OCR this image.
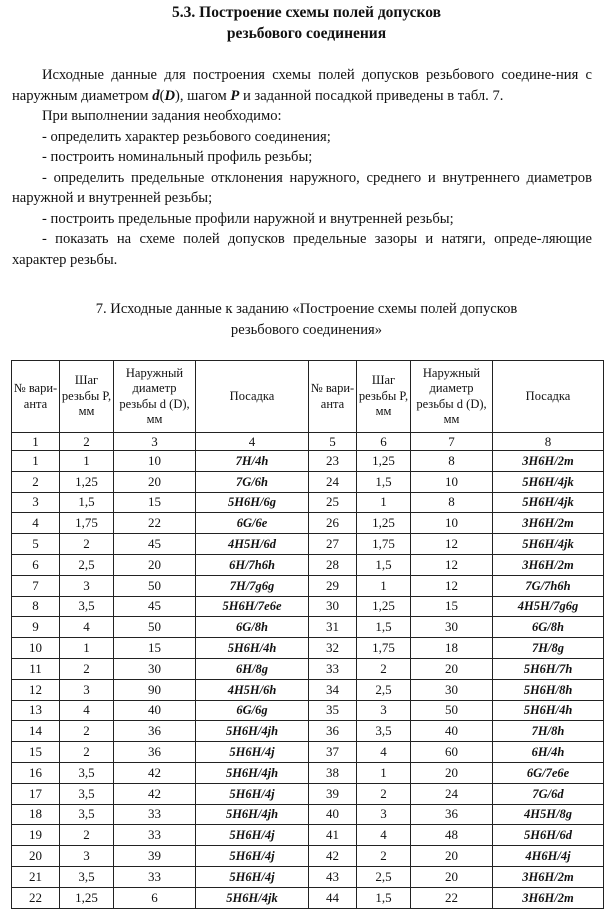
5.3. Построение схемы полей допусков
резьбового соединения

Исходные данные для построения схемы полей допусков резьбового соедине-ния с наружным диаметром d(D), шагом P и заданной посадкой приведены в табл. 7.

При выполнении задания необходимо:

- определить характер резьбового соединения;

- построить номинальный профиль резьбы;

- определить предельные отклонения наружного, среднего и внутреннего диаметров наружной и внутренней резьбы;

- построить предельные профили наружной и внутренней резьбы;

- показать на схеме полей допусков предельные зазоры и натяги, опреде-ляющие характер резьбы.

7. Исходные данные к заданию «Построение схемы полей допусков
резьбового соединения»
№ вари-анта	Шаг резьбы P, мм	Наружный диаметр резьбы d (D), мм	Посадка	№ вари-анта	Шаг резьбы P, мм	Наружный диаметр резьбы d (D), мм	Посадка
1	2	3	4	5	6	7	8
1	1	10	7H/4h	23	1,25	8	3H6H/2m
2	1,25	20	7G/6h	24	1,5	10	5H6H/4jk
3	1,5	15	5H6H/6g	25	1	8	5H6H/4jk
4	1,75	22	6G/6e	26	1,25	10	3H6H/2m
5	2	45	4H5H/6d	27	1,75	12	5H6H/4jk
6	2,5	20	6H/7h6h	28	1,5	12	3H6H/2m
7	3	50	7H/7g6g	29	1	12	7G/7h6h
8	3,5	45	5H6H/7e6e	30	1,25	15	4H5H/7g6g
9	4	50	6G/8h	31	1,5	30	6G/8h
10	1	15	5H6H/4h	32	1,75	18	7H/8g
11	2	30	6H/8g	33	2	20	5H6H/7h
12	3	90	4H5H/6h	34	2,5	30	5H6H/8h
13	4	40	6G/6g	35	3	50	5H6H/4h
14	2	36	5H6H/4jh	36	3,5	40	7H/8h
15	2	36	5H6H/4j	37	4	60	6H/4h
16	3,5	42	5H6H/4jh	38	1	20	6G/7e6e
17	3,5	42	5H6H/4j	39	2	24	7G/6d
18	3,5	33	5H6H/4jh	40	3	36	4H5H/8g
19	2	33	5H6H/4j	41	4	48	5H6H/6d
20	3	39	5H6H/4j	42	2	20	4H6H/4j
21	3,5	33	5H6H/4j	43	2,5	20	3H6H/2m
22	1,25	6	5H6H/4jk	44	1,5	22	3H6H/2m
